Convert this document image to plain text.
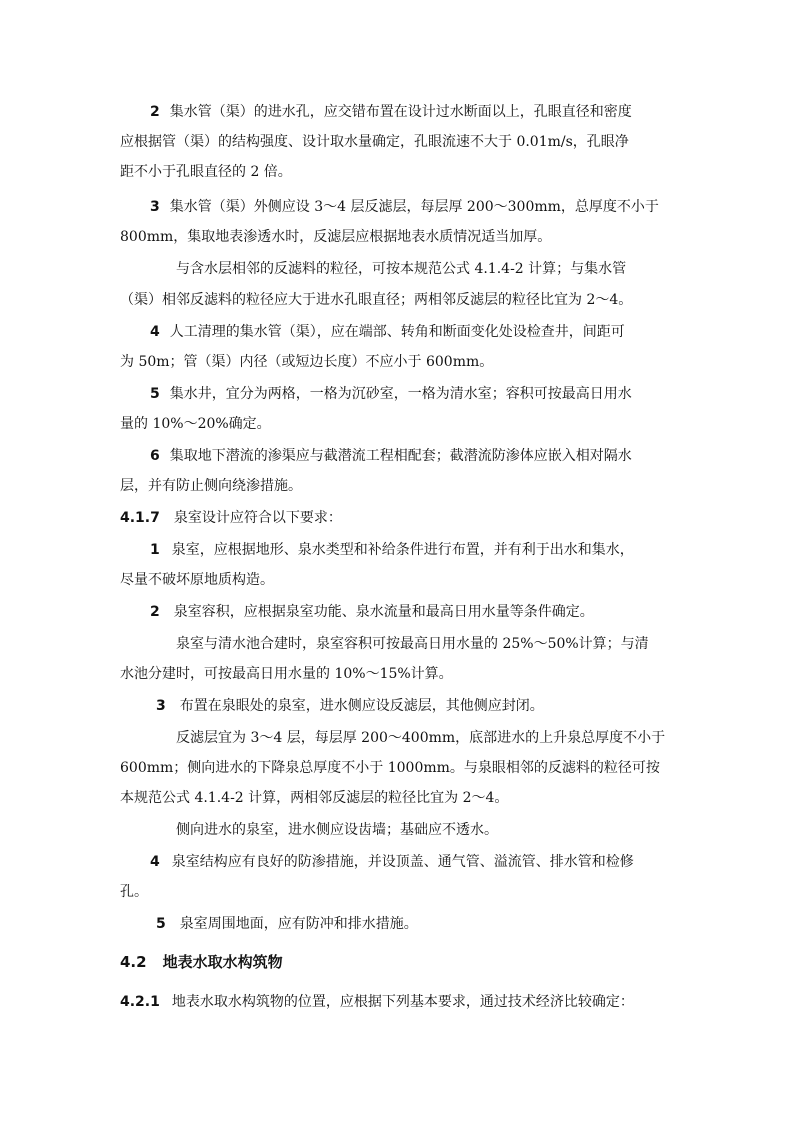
2 集水管（渠）的进水孔，应交错布置在设计过水断面以上，孔眼直径和密度
应根据管（渠）的结构强度、设计取水量确定，孔眼流速不大于 0.01m/s，孔眼净
距不小于孔眼直径的 2 倍。
3 集水管（渠）外侧应设 3～4 层反滤层，每层厚 200～300mm，总厚度不小于
800mm，集取地表渗透水时，反滤层应根据地表水质情况适当加厚。
与含水层相邻的反滤料的粒径，可按本规范公式 4.1.4-2 计算；与集水管
（渠）相邻反滤料的粒径应大于进水孔眼直径；两相邻反滤层的粒径比宜为 2～4。
4 人工清理的集水管（渠），应在端部、转角和断面变化处设检查井，间距可
为 50m；管（渠）内径（或短边长度）不应小于 600mm。
5 集水井，宜分为两格，一格为沉砂室，一格为清水室；容积可按最高日用水
量的 10%～20%确定。
6 集取地下潜流的渗渠应与截潜流工程相配套；截潜流防渗体应嵌入相对隔水
层，并有防止侧向绕渗措施。
4.1.7 泉室设计应符合以下要求：
1 泉室，应根据地形、泉水类型和补给条件进行布置，并有利于出水和集水，
尽量不破坏原地质构造。
2 泉室容积，应根据泉室功能、泉水流量和最高日用水量等条件确定。
泉室与清水池合建时，泉室容积可按最高日用水量的 25%～50%计算；与清
水池分建时，可按最高日用水量的 10%～15%计算。
3 布置在泉眼处的泉室，进水侧应设反滤层，其他侧应封闭。
反滤层宜为 3～4 层，每层厚 200～400mm，底部进水的上升泉总厚度不小于
600mm；侧向进水的下降泉总厚度不小于 1000mm。与泉眼相邻的反滤料的粒径可按
本规范公式 4.1.4-2 计算，两相邻反滤层的粒径比宜为 2～4。
侧向进水的泉室，进水侧应设齿墙；基础应不透水。
4 泉室结构应有良好的防渗措施，并设顶盖、通气管、溢流管、排水管和检修
孔。
5 泉室周围地面，应有防冲和排水措施。
4.2 地表水取水构筑物
4.2.1 地表水取水构筑物的位置，应根据下列基本要求，通过技术经济比较确定：
